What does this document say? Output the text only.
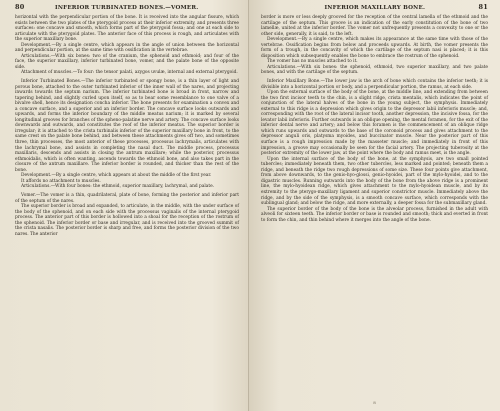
80	INFERIOR TURBINATED BONES.—VOMER.

horizontal with the perpendicular portion of the bone. It is received into the angular fissure, which exists between the two plates of the pterygoid process at their inferior extremity, and presents three surfaces: one concave and smooth, which forms part of the pterygoid fossa; and one at each side to articulate with the pterygoid plates. The anterior face of this process is rough, and articulates with the superior maxillary bone.

Development.—By a single centre, which appears in the angle of union between the horizontal and perpendicular portion, at the same time with ossification in the vertebrae.

Articulations.—With six bones: two of the cranium, the sphenoid and ethmoid; and four of the face, the superior maxillary, inferior turbinated bone, vomer, and the palate bone of the opposite side.

Attachment of muscles.—To four: the tensor palati, azygos uvulæ, internal and external pterygoid.

Inferior Turbinated Bones.—The inferior turbinated or spongy bone, is a thin layer of light and porous bone, attached to the outer turbinated inferior of the inner wall of the nares, and projecting inwards towards the septum narium. The inferior turbinated bone is broad in front, narrow and tapering behind, and slightly curled upon itself, so as to bear some resemblance to one valve of a bivalve shell, hence its designation concha inferior. The bone presents for examination a convex and a concave surface, and a superior and an inferior border. The concave surface looks outwards and upwards, and forms the inferior boundary of the middle meatus narium; it is marked by several longitudinal grooves for branches of the spheno-palatine nerve and artery. The concave surface looks downwards and outwards, and constitutes the roof of the inferior meatus. The superior border is irregular; it is attached to the crista turbinalis inferior of the superior maxillary bone in front, to the same crest on the palate bone behind, and between these attachments gives off two, and sometimes three, thin processes, the most anterior of these processes, processus lachrymalis, articulates with the lachrymal bone, and assists in completing the nasal duct. The middle process, processus maxillaris, descends and assists in closing the antrum maxillare; while the posterior, processus ethmoidalis, which is often wanting, ascends towards the ethmoid bone, and also takes part in the closure of the antrum maxillare. The inferior border is rounded, and thicker than the rest of the bone.

Development.—By a single centre, which appears at about the middle of the first year.

It affords no attachment to muscles.

Articulations.—With four bones: the ethmoid, superior maxillary, lachrymal, and palate.

Vomer.—The vomer is a thin, quadrilateral, plate of bone, forming the posterior and inferior part of the septum of the nares.

The superior border is broad and expanded, to articulate, in the middle, with the under surface of the body of the sphenoid, and on each side with the processus vaginalis of the internal pterygoid process. The anterior part of this border is hollowed into a shoal for the reception of the rostrum of the sphenoid. The inferior border or base and irregular, and is received into the grooved summit of the crista nasalis. The posterior border is sharp and free, and forms the posterior division of the two nares. The anterior

INFERIOR MAXILLARY BONE.	81

border is more or less deeply grooved for the reception of the central lamella of the ethmoid and the cartilage of the septum. This groove is an indication of the early constitution of the bone of two lamellæ, united at the inferior border. The vomer not unfrequently presents a convexity to one or the other side, generally, it is said, to the left.

Development.—By a single centre, which makes its appearance at the same time with those of the vertebrae. Ossification begins from below and proceeds upwards. At birth, the vomer presents the form of a trough, in the concavity of which the cartilage of the septum nasi is placed; it is this disposition which subsequently enables the bone to embrace the rostrum of the sphenoid.

The vomer has no muscles attached to it.

Articulations.—With six bones: the sphenoid, ethmoid, two superior maxillary, and two palate bones, and with the cartilage of the septum.

Inferior Maxillary Bone.—The lower jaw is the arch of bone which contains the inferior teeth; it is divisible into a horizontal portion or body, and a perpendicular portion, the ramus, at each side.

Upon the external surface of the body of the bone, at the middle line, and extending from between the two first incisor teeth to the chin, is a slight ridge, crista mentalis, which indicates the point of conjunction of the lateral halves of the bone in the young subject, the symphysis. Immediately external to this ridge is a depression which gives origin to the depressor labii inferioris muscle; and, corresponding with the root of the lateral incisor tooth, another depression, the incisive fossa, for the levator labii inferioris. Further outwards is an oblique opening, the mental foramen, for the exit of the inferior dental nerve and artery; and below this foramen is the commencement of an oblique ridge which runs upwards and outwards to the base of the coronoid process and gives attachment to the depressor anguli oris, platysma myoides, and buccinator muscle. Near the posterior part of this surface is a rough impression made by the masseter muscle; and immediately in front of this impression, a groove may occasionally be seen for the facial artery. The projecting tuberosity at the posterior extremity of the lower jaw, at the point where the body and ramus meet, is the angle.

Upon the internal surface of the body of the bone, at the symphysis, are two small pointed tubercles; immediately beneath them, two other tubercles, less marked and pointed; beneath them a ridge, and beneath the ridge two rough depressions of some size. These four points give attachment, from above downwards, to the genio-hyo-glossi, genio-hyoidei, part of the mylo-hyoidei, and to the digastric muscles. Running outwards into the body of the bone from the above ridge is a prominent line, the mylo-hyoidean ridge, which gives attachment to the mylo-hyoidean muscle, and by its extremity to the pterygo-maxillary ligament and superior constrictor muscle. Immediately above the ridge, and by the side of the symphysis, is a smooth concave surface, which corresponds with the sublingual gland; and below the ridge, and more externally, a deeper fossa for the submaxillary gland.

The superior border of the body of the bone is the alveolar process, furnished in the adult with alveoli for sixteen teeth. The inferior border or base is rounded and smooth; thick and everted in front to form the chin, and thin behind where it merges into the angle of the bone.

8
